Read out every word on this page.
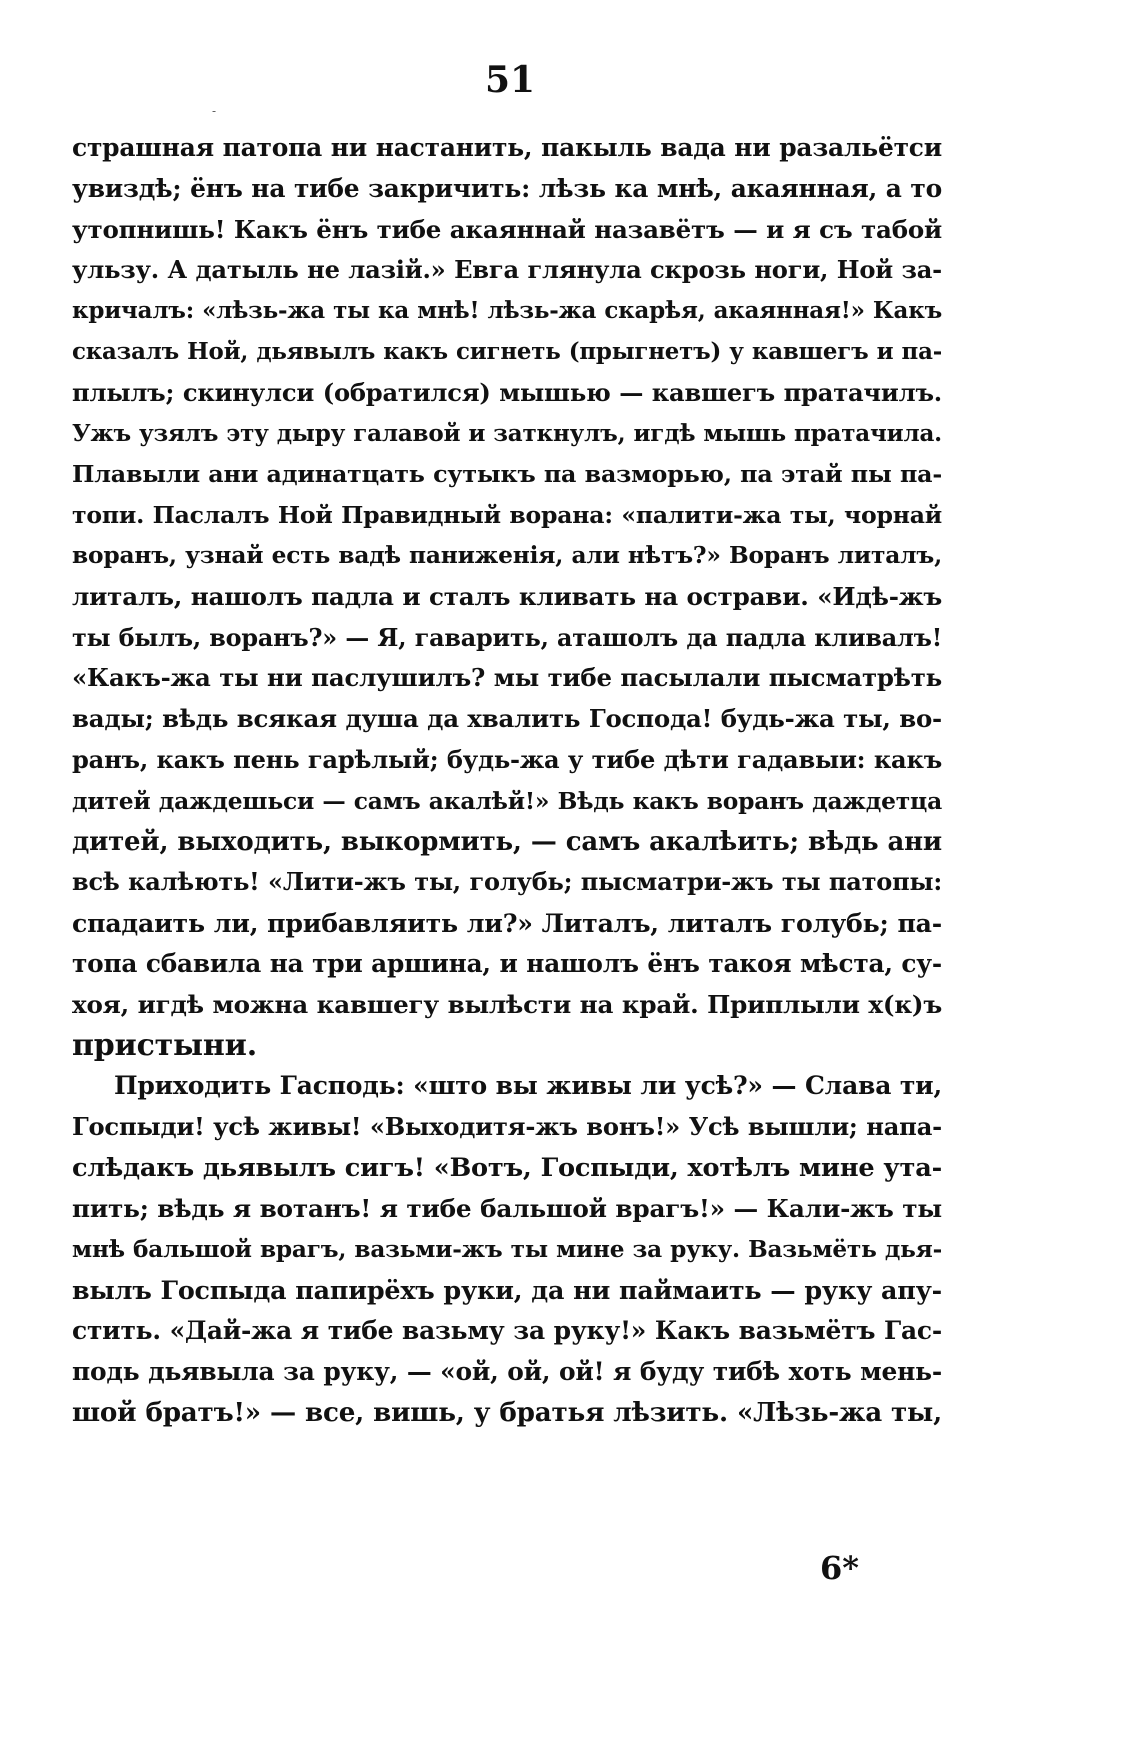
51
-
страшная патопа ни настанить, пакыль вада ни разальётси
увиздѣ; ёнъ на тибе закричить: лѣзь ка мнѣ, акаянная, а то
утопнишь! Какъ ёнъ тибе акаяннай назавётъ — и я съ табой
ульзу. А датыль не лазій.» Евга глянула скрозь ноги, Ной за-
кричалъ: «лѣзь-жа ты ка мнѣ! лѣзь-жа скарѣя, акаянная!» Какъ
сказалъ Ной, дьявылъ какъ сигнеть (прыгнетъ) у кавшегъ и па-
плылъ; скинулси (обратился) мышью — кавшегъ пратачилъ.
Ужъ узялъ эту дыру галавой и заткнулъ, игдѣ мышь пратачила.
Плавыли ани адинатцать сутыкъ па вазморью, па этай пы па-
топи. Паслалъ Ной Правидный ворана: «палити-жа ты, чорнай
воранъ, узнай есть вадѣ паниженія, али нѣтъ?» Воранъ литалъ,
литалъ, нашолъ падла и сталъ кливать на острави. «Идѣ-жъ
ты былъ, воранъ?» — Я, гаварить, аташолъ да падла кливалъ!
«Какъ-жа ты ни паслушилъ? мы тибе пасылали пысматрѣть
вады; вѣдь всякая душа да хвалить Господа! будь-жа ты, во-
ранъ, какъ пень гарѣлый; будь-жа у тибе дѣти гадавыи: какъ
дитей даждешьси — самъ акалѣй!» Вѣдь какъ воранъ даждетца
дитей, выходить, выкормить, — самъ акалѣить; вѣдь ани
всѣ калѣють! «Лити-жъ ты, голубь; пысматри-жъ ты патопы:
спадаить ли, прибавляить ли?» Литалъ, литалъ голубь; па-
топа сбавила на три аршина, и нашолъ ёнъ такоя мѣста, су-
хоя, игдѣ можна кавшегу вылѣсти на край. Приплыли х(к)ъ
пристыни.
Приходить Гасподь: «што вы живы ли усѣ?» — Слава ти,
Госпыди! усѣ живы! «Выходитя-жъ вонъ!» Усѣ вышли; напа-
слѣдакъ дьявылъ сигъ! «Вотъ, Госпыди, хотѣлъ мине ута-
пить; вѣдь я вотанъ! я тибе бальшой врагъ!» — Кали-жъ ты
мнѣ бальшой врагъ, вазьми-жъ ты мине за руку. Вазьмёть дья-
вылъ Госпыда папирёхъ руки, да ни паймаить — руку апу-
стить. «Дай-жа я тибе вазьму за руку!» Какъ вазьмётъ Гас-
подь дьявыла за руку, — «ой, ой, ой! я буду тибѣ хоть мень-
шой братъ!» — все, вишь, у братья лѣзить. «Лѣзь-жа ты,
6*
